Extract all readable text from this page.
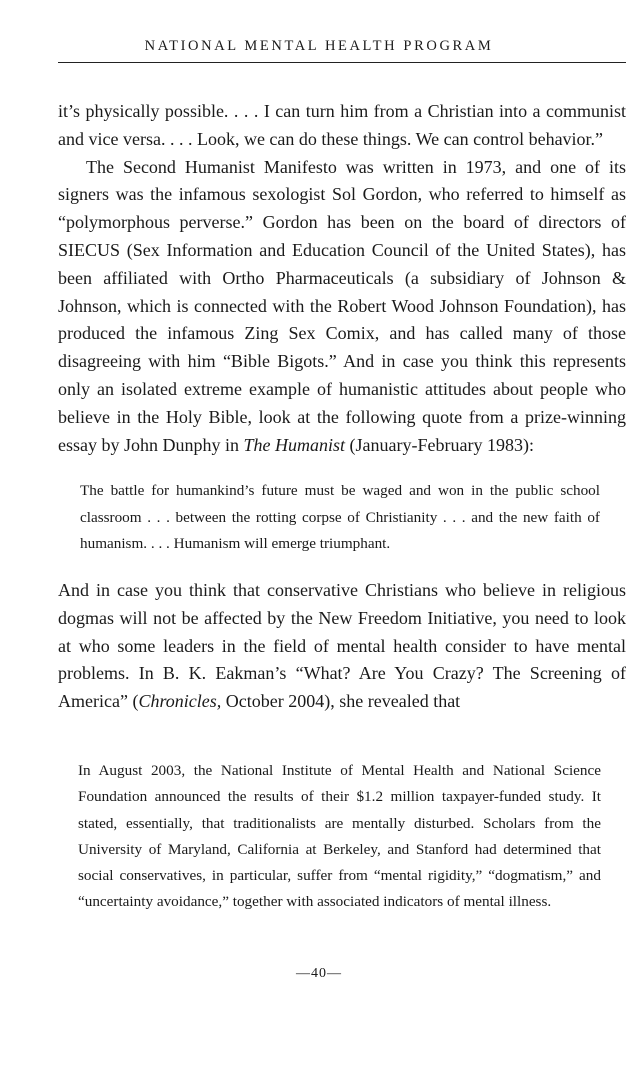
NATIONAL MENTAL HEALTH PROGRAM

it’s physically possible. . . . I can turn him from a Christian into a communist and vice versa. . . . Look, we can do these things. We can control behavior.”

The Second Humanist Manifesto was written in 1973, and one of its signers was the infamous sexologist Sol Gordon, who referred to himself as “polymorphous perverse.” Gordon has been on the board of directors of SIECUS (Sex Information and Education Council of the United States), has been affiliated with Ortho Pharmaceuticals (a subsidiary of Johnson & Johnson, which is connected with the Robert Wood Johnson Foundation), has produced the infamous Zing Sex Comix, and has called many of those disagreeing with him “Bible Bigots.” And in case you think this represents only an isolated extreme example of humanistic attitudes about people who believe in the Holy Bible, look at the following quote from a prize-winning essay by John Dunphy in The Humanist (January-February 1983):

The battle for humankind’s future must be waged and won in the public school classroom . . . between the rotting corpse of Christianity . . . and the new faith of humanism. . . . Humanism will emerge triumphant.
And in case you think that conservative Christians who believe in religious dogmas will not be affected by the New Freedom Initiative, you need to look at who some leaders in the field of mental health consider to have mental problems. In B. K. Eakman’s “What? Are You Crazy? The Screening of America” (Chronicles, October 2004), she revealed that
In August 2003, the National Institute of Mental Health and National Science Foundation announced the results of their $1.2 million taxpayer-funded study. It stated, essentially, that traditionalists are mentally disturbed. Scholars from the University of Maryland, California at Berkeley, and Stanford had determined that social conservatives, in particular, suffer from “mental rigidity,” “dogmatism,” and “uncertainty avoidance,” together with associated indicators of mental illness.
—40—
